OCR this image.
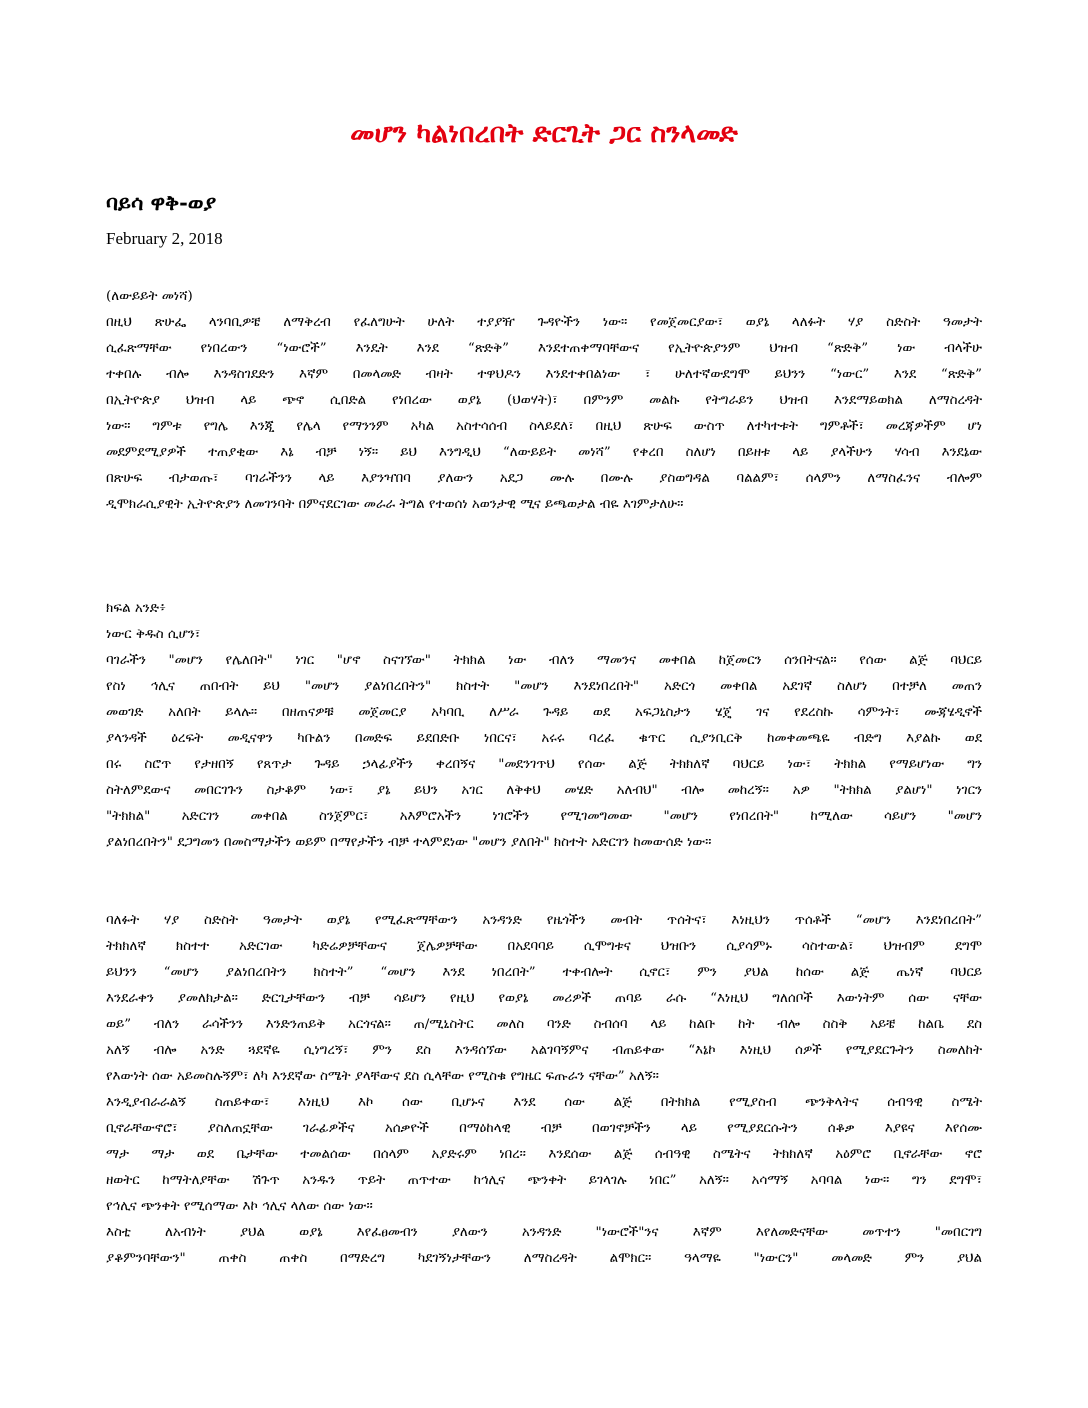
መሆን ካልነበረበት ድርጊት ጋር ስንላመድ
ባይሳ ዋቅ-ወያ
February 2, 2018
(ለውይይት መነሻ)
በዚህ ጽሁፌ ላንባቢዎቼ ለማቅረብ የፈለግሁት ሁለት ተያያዥ ጉዳዮችን ነው። የመጀመርያው፣ ወያኔ ላለፉት ሃያ ስድስት ዓመታት
ሲፈጽማቸው የነበረውን “ነውሮች” እንዴት እንደ “ጽድቅ” እንደተጠቀማባቸውና የኢትዮጵያንም ህዝብ “ጽድቅ” ነው ብላችሁ
ተቀበሉ ብሎ እንዳስገደድን እኛም በመላመድ ብዛት ተዋህዶን እንደተቀበልነው ፣ ሁለተኛውደግሞ ይህንን “ነውር” እንደ “ጽድቅ”
በኢትዮጵያ ህዝብ ላይ ጭኖ ሲበድል የነበረው ወያኔ (ህወሃት)፣ በምንም መልኩ የትግራይን ህዝብ እንደማይወክል ለማስረዳት
ነው። ግምቱ የግሌ እንጂ የሌላ የማንንም አካል አስተሳሰብ ስላይደለ፣ በዚህ ጽሁፍ ውስጥ ለተካተቱት ግምቶች፣ መረጃዎችም ሆነ
መደምደሚያዎች ተጠያቂው እኔ ብቻ ነኝ። ይህ እንግዲህ “ለውይይት መነሻ” የቀረበ ስለሆነ በይዘቱ ላይ ያላችሁን ሃሳብ እንደኔው
በጽሁፍ ብታወጡ፣ ባገራችንን ላይ እያንዣበባ ያለውን አደጋ ሙሉ በሙሉ ያስወግዳል ባልልም፣ ሰላምን ለማስፈንና ብሎም
ዲሞክራሲያዊት ኢትዮጵያን ለመገንባት በምናደርገው መራራ ትግል የተወሰነ አወንታዊ ሚና ይጫወታል ብዬ እገምታለሁ።
ክፍል አንድ፥
ነውር ቅዱስ ሲሆን፣
ባገራችን "መሆን የሌለበት" ነገር "ሆኖ ስናገኘው" ትክክል ነው ብለን ማመንና መቀበል ከጀመርን ሰንበትናል። የሰው ልጅ ባህርይ
የስነ ኅሊና ጠበብት ይህ "መሆን ያልነበረበትን" ክስተት "መሆን እንደነበረበት" አድርጎ መቀበል አደገኛ ስለሆነ በተቻለ መጠን
መወገድ አለበት ይላሉ። በዘጠናዎቹ መጀመርያ አካባቢ ለሥራ ጉዳይ ወደ አፍጋኒስታን ሄጄ ገና የደረስኩ ሳምንት፣ ሙጃሄዲኖች
ያላንዳች ዕረፍት መዲናዋን ካቡልን በመድፍ ይደበድቡ ነበርና፣ አሩሩ ባረፈ ቁጥር ሲያንቢርቅ ከመቀመጫዬ ብድግ እያልኩ ወደ
በሩ ስሮጥ የታዘበኝ የጸጥታ ጉዳይ ኃላፊያችን ቀረበኝና "መደንገጥህ የሰው ልጅ ትክክለኛ ባህርይ ነው፣ ትክክል የማይሆነው ግን
ስትለምደውና መበርገጉን ስታቆም ነው፣ ያኔ ይህን አገር ለቅቀህ መሄድ አለብህ" ብሎ መከረኝ። አዎ "ትክክል ያልሆነ" ነገርን
"ትክክል" አድርገን መቀበል ስንጀምር፣ አእምሮአችን ነገሮችን የሚገመግመው "መሆን የነበረበት" ከሚለው ሳይሆን "መሆን
ያልነበረበትን" ደጋግመን በመስማታችን ወይም በማየታችን ብቻ ተላምደነው "መሆን ያለበት" ክስተት አድርገን ከመውሰድ ነው።
ባለፉት ሃያ ስድስት ዓመታት ወያኔ የሚፈጽማቸውን አንዳንድ የዜጎችን መብት ጥሰትና፣ እነዚህን ጥሰቶች “መሆን እንደነበረበት”
ትክክለኛ ክስተተ አድርገው ካድሬዎቻቸውና ጀሌዎቻቸው በአደባባይ ሲሞግቱና ህዝቡን ሲያሳምኑ ሳስተውል፣ ህዝብም ደግሞ
ይህንን “መሆን ያልነበረበትን ክስተት” “መሆን እንደ ነበረበት” ተቀብሎት ሲኖር፣ ምን ያህል ከሰው ልጅ ጤነኛ ባህርይ
እንደራቀን ያመለክታል። ድርጊታቸውን ብቻ ሳይሆን የዚህ የወያኔ መሪዎች ጠባይ ራሱ “እነዚህ ግለሰቦች እውነትም ሰው ናቸው
ወይ” ብለን ራሳችንን እንድንጠይቅ አርጎናል። ጠ/ሚኒስትር መለስ ባንድ ስብሰባ ላይ ከልቡ ከት ብሎ ስስቅ አይቼ ከልቤ ደስ
አለኝ ብሎ አንድ ጓደኛዬ ሲነግረኝ፣ ምን ደስ እንዳሰኘው አልገባኝምና ብጠይቀው “እኔኮ እነዚህ ሰዎች የሚያደርጉትን ስመለከት
የእውነት ሰው አይመስሉኝም፣ ለካ እንደኛው ስሜት ያላቸውና ደስ ሲላቸው የሚስቁ የግዜር ፍጡራን ናቸው” አለኝ።
እንዲያብራራልኝ ስጠይቀው፣ እነዚህ እኮ ሰው ቢሆኑና እንደ ሰው ልጅ በትክክል የሚያስብ ጭንቅላትና ሰብዓዊ ስሜት
ቢኖራቸውኖሮ፣ ያስለጠኗቸው ገራፊዎችና አሰቃዮች በማዕከላዊ ብቻ በወገኖቻችን ላይ የሚያደርሱትን ሰቆቃ እያዩና እየሰሙ
ማታ ማታ ወደ ቤታቸው ተመልሰው በሰላም አያድሩም ነበረ። እንደሰው ልጅ ሰብዓዊ ስሜትና ትክክለኛ አዕምሮ ቢኖራቸው ኖሮ
ዘወትር ከማትለያቸው ሽጉጥ አንዱን ጥይት ጠጥተው ከኅሊና ጭንቀት ይገላገሉ ነበር” አለኝ። አሳማኝ አባባል ነው። ግን ደግሞ፣
የኅሊና ጭንቀት የሚሰማው እኮ ኅሊና ላለው ሰው ነው።
እስቲ ለአብነት ያህል ወያኔ እየፈፀመብን ያለውን አንዳንድ "ነውሮች"ንና እኛም እየለመድናቸው መጥተን "መበርገግ
ያቆምንባቸውን" ጠቀስ ጠቀስ በማድረግ ካደገኝነታቸውን ለማስረዳት ልሞክር። ዓላማዬ "ነውርን" መላመድ ምን ያህል
